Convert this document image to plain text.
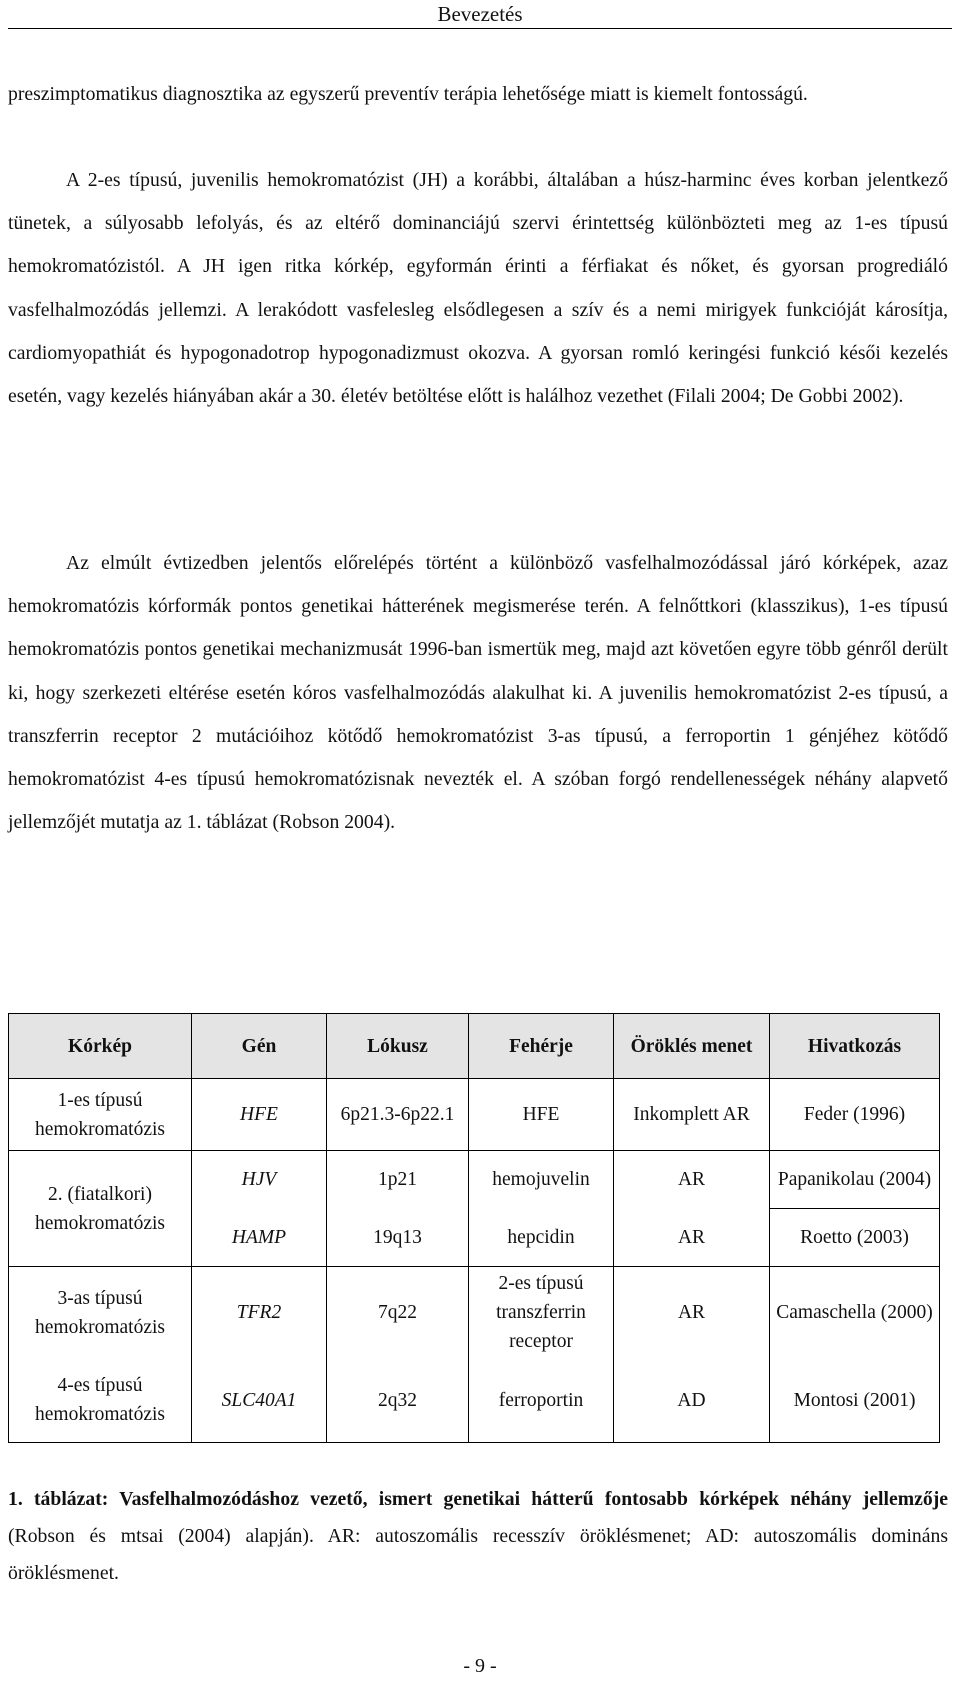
Bevezetés

preszimptomatikus diagnosztika az egyszerű preventív terápia lehetősége miatt is kiemelt fontosságú.

A 2-es típusú, juvenilis hemokromatózist (JH) a korábbi, általában a húsz-harminc éves korban jelentkező tünetek, a súlyosabb lefolyás, és az eltérő dominanciájú szervi érintettség különbözteti meg az 1-es típusú hemokromatózistól. A JH igen ritka kórkép, egyformán érinti a férfiakat és nőket, és gyorsan progrediáló vasfelhalmozódás jellemzi. A lerakódott vasfelesleg elsődlegesen a szív és a nemi mirigyek funkcióját károsítja, cardiomyopathiát és hypogonadotrop hypogonadizmust okozva. A gyorsan romló keringési funkció késői kezelés esetén, vagy kezelés hiányában akár a 30. életév betöltése előtt is halálhoz vezethet (Filali 2004; De Gobbi 2002).

Az elmúlt évtizedben jelentős előrelépés történt a különböző vasfelhalmozódással járó kórképek, azaz hemokromatózis kórformák pontos genetikai hátterének megismerése terén. A felnőttkori (klasszikus), 1-es típusú hemokromatózis pontos genetikai mechanizmusát 1996-ban ismertük meg, majd azt követően egyre több génről derült ki, hogy szerkezeti eltérése esetén kóros vasfelhalmozódás alakulhat ki. A juvenilis hemokromatózist 2-es típusú, a transzferrin receptor 2 mutációihoz kötődő hemokromatózist 3-as típusú, a ferroportin 1 génjéhez kötődő hemokromatózist 4-es típusú hemokromatózisnak nevezték el. A szóban forgó rendellenességek néhány alapvető jellemzőjét mutatja az 1. táblázat (Robson 2004).

Kórkép	Gén	Lókusz	Fehérje	Öröklés menet	Hivatkozás
1-es típusú hemokromatózis	HFE	6p21.3-6p22.1	HFE	Inkomplett AR	Feder (1996)
2. (fiatalkori) hemokromatózis	HJV	1p21	hemojuvelin	AR	Papanikolau (2004)
	HAMP	19q13	hepcidin	AR	Roetto (2003)
3-as típusú hemokromatózis	TFR2	7q22	2-es típusú transzferrin receptor	AR	Camaschella (2000)
4-es típusú hemokromatózis	SLC40A1	2q32	ferroportin	AD	Montosi (2001)

1. táblázat: Vasfelhalmozódáshoz vezető, ismert genetikai hátterű fontosabb kórképek néhány jellemzője (Robson és mtsai (2004) alapján). AR: autoszomális recesszív öröklésmenet; AD: autoszomális domináns öröklésmenet.

- 9 -
